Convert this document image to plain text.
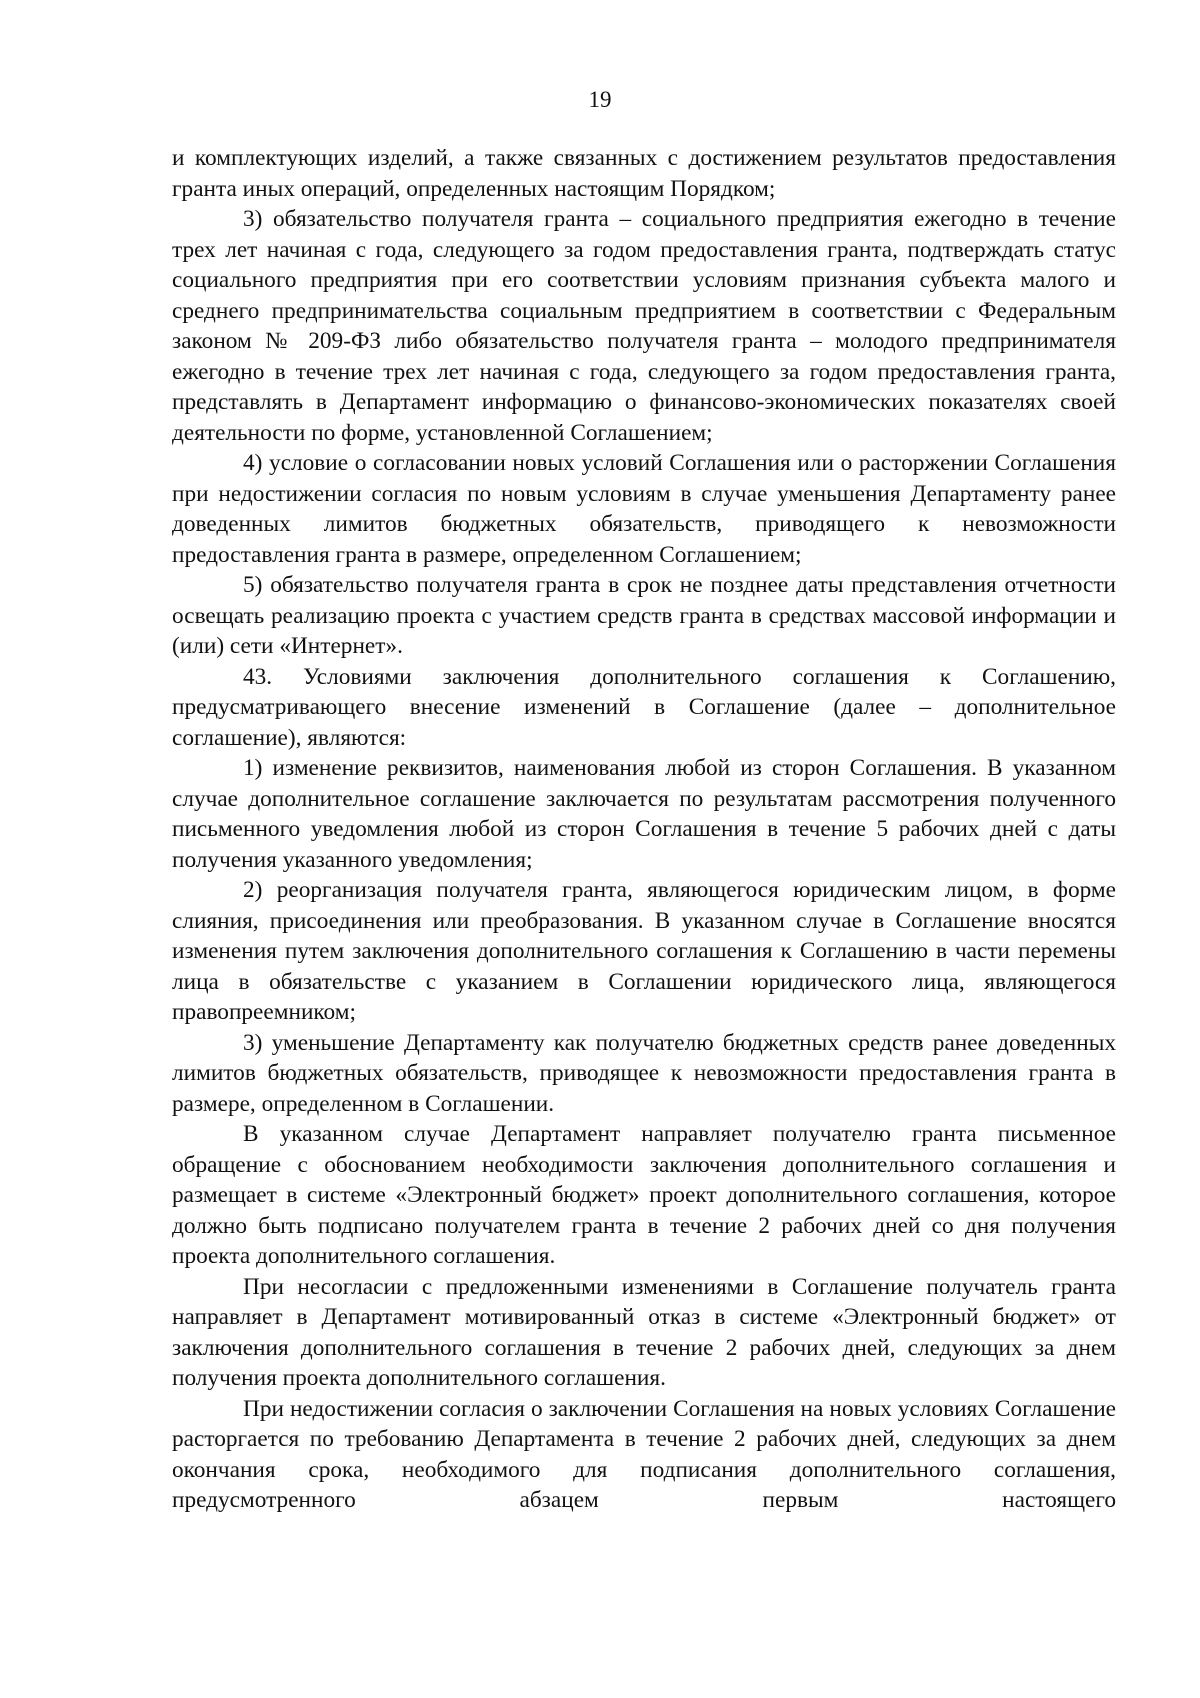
19

и комплектующих изделий, а также связанных с достижением результатов предоставления гранта иных операций, определенных настоящим Порядком;

3) обязательство получателя гранта – социального предприятия ежегодно в течение трех лет начиная с года, следующего за годом предоставления гранта, подтверждать статус социального предприятия при его соответствии условиям признания субъекта малого и среднего предпринимательства социальным предприятием в соответствии с Федеральным законом № 209-ФЗ либо обязательство получателя гранта – молодого предпринимателя ежегодно в течение трех лет начиная с года, следующего за годом предоставления гранта, представлять в Департамент информацию о финансово-экономических показателях своей деятельности по форме, установленной Соглашением;

4) условие о согласовании новых условий Соглашения или о расторжении Соглашения при недостижении согласия по новым условиям в случае уменьшения Департаменту ранее доведенных лимитов бюджетных обязательств, приводящего к невозможности предоставления гранта в размере, определенном Соглашением;

5) обязательство получателя гранта в срок не позднее даты представления отчетности освещать реализацию проекта с участием средств гранта в средствах массовой информации и (или) сети «Интернет».

43. Условиями заключения дополнительного соглашения к Соглашению, предусматривающего внесение изменений в Соглашение (далее – дополнительное соглашение), являются:

1) изменение реквизитов, наименования любой из сторон Соглашения. В указанном случае дополнительное соглашение заключается по результатам рассмотрения полученного письменного уведомления любой из сторон Соглашения в течение 5 рабочих дней с даты получения указанного уведомления;

2) реорганизация получателя гранта, являющегося юридическим лицом, в форме слияния, присоединения или преобразования. В указанном случае в Соглашение вносятся изменения путем заключения дополнительного соглашения к Соглашению в части перемены лица в обязательстве с указанием в Соглашении юридического лица, являющегося правопреемником;

3) уменьшение Департаменту как получателю бюджетных средств ранее доведенных лимитов бюджетных обязательств, приводящее к невозможности предоставления гранта в размере, определенном в Соглашении.

В указанном случае Департамент направляет получателю гранта письменное обращение с обоснованием необходимости заключения дополнительного соглашения и размещает в системе «Электронный бюджет» проект дополнительного соглашения, которое должно быть подписано получателем гранта в течение 2 рабочих дней со дня получения проекта дополнительного соглашения.

При несогласии с предложенными изменениями в Соглашение получатель гранта направляет в Департамент мотивированный отказ в системе «Электронный бюджет» от заключения дополнительного соглашения в течение 2 рабочих дней, следующих за днем получения проекта дополнительного соглашения.

При недостижении согласия о заключении Соглашения на новых условиях Соглашение расторгается по требованию Департамента в течение 2 рабочих дней, следующих за днем окончания срока, необходимого для подписания дополнительного соглашения, предусмотренного абзацем первым настоящего
